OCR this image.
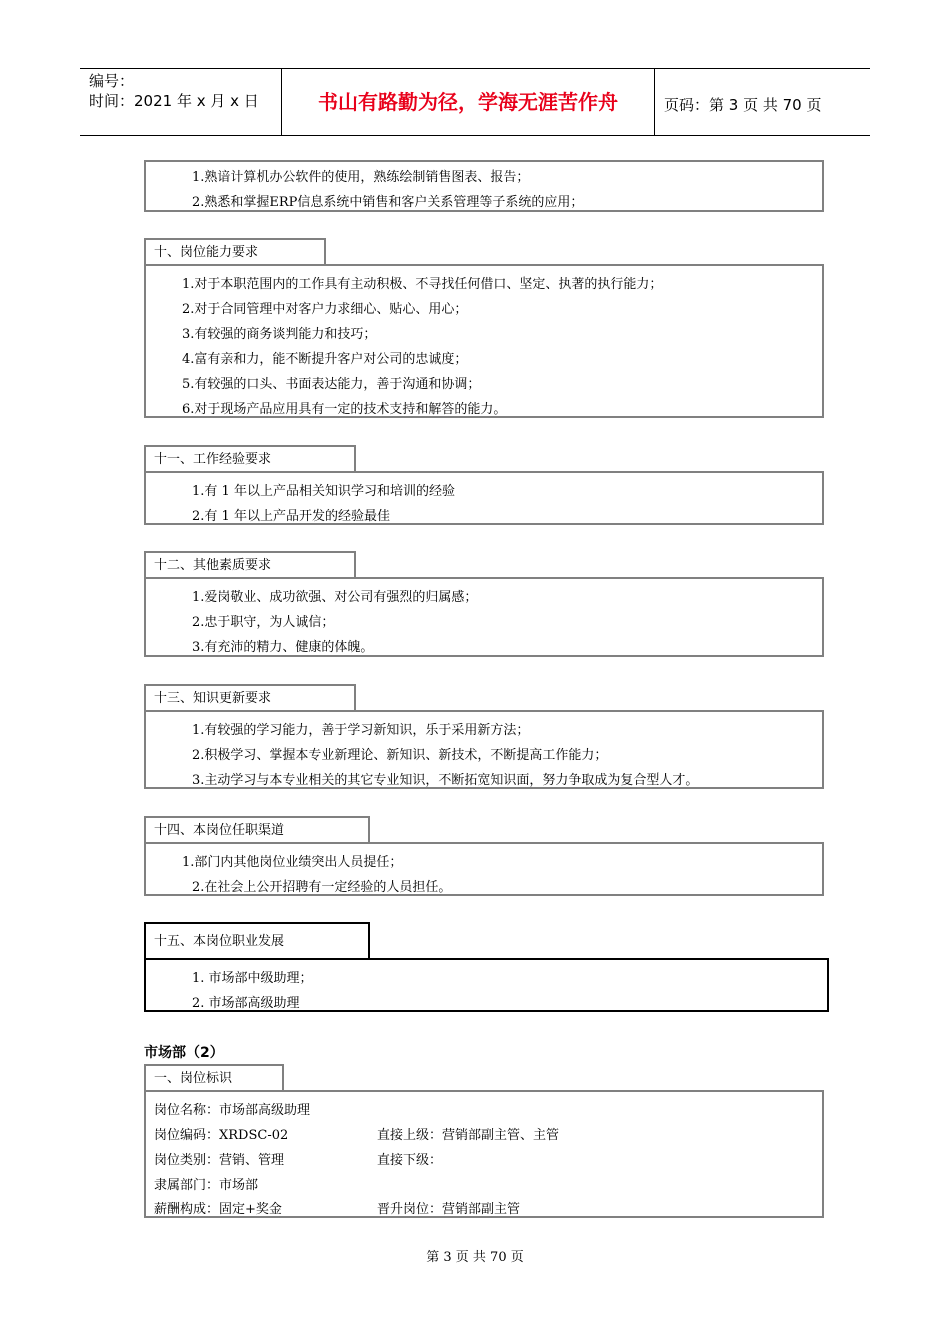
编号：
时间：2021 年 x 月 x 日	书山有路勤为径，学海无涯苦作舟	页码：第 3 页 共 70 页
1.熟谙计算机办公软件的使用，熟练绘制销售图表、报告；
2.熟悉和掌握ERP信息系统中销售和客户关系管理等子系统的应用；
十、岗位能力要求
1.对于本职范围内的工作具有主动积极、不寻找任何借口、坚定、执著的执行能力；
2.对于合同管理中对客户力求细心、贴心、用心；
3.有较强的商务谈判能力和技巧；
4.富有亲和力，能不断提升客户对公司的忠诚度；
5.有较强的口头、书面表达能力，善于沟通和协调；
6.对于现场产品应用具有一定的技术支持和解答的能力。
十一、工作经验要求
1.有 1 年以上产品相关知识学习和培训的经验
2.有 1 年以上产品开发的经验最佳
十二、其他素质要求
1.爱岗敬业、成功欲强、对公司有强烈的归属感；
2.忠于职守，为人诚信；
3.有充沛的精力、健康的体魄。
十三、知识更新要求
1.有较强的学习能力，善于学习新知识，乐于采用新方法；
2.积极学习、掌握本专业新理论、新知识、新技术，不断提高工作能力；
3.主动学习与本专业相关的其它专业知识，不断拓宽知识面，努力争取成为复合型人才。
十四、本岗位任职渠道
1.部门内其他岗位业绩突出人员提任；
2.在社会上公开招聘有一定经验的人员担任。
十五、本岗位职业发展
1. 市场部中级助理；
2. 市场部高级助理
市场部（2）
一、岗位标识
岗位名称：市场部高级助理
岗位编码：XRDSC-02	直接上级：营销部副主管、主管
岗位类别：营销、管理	直接下级：
隶属部门：市场部
薪酬构成：固定+奖金	晋升岗位：营销部副主管
第 3 页 共 70 页
